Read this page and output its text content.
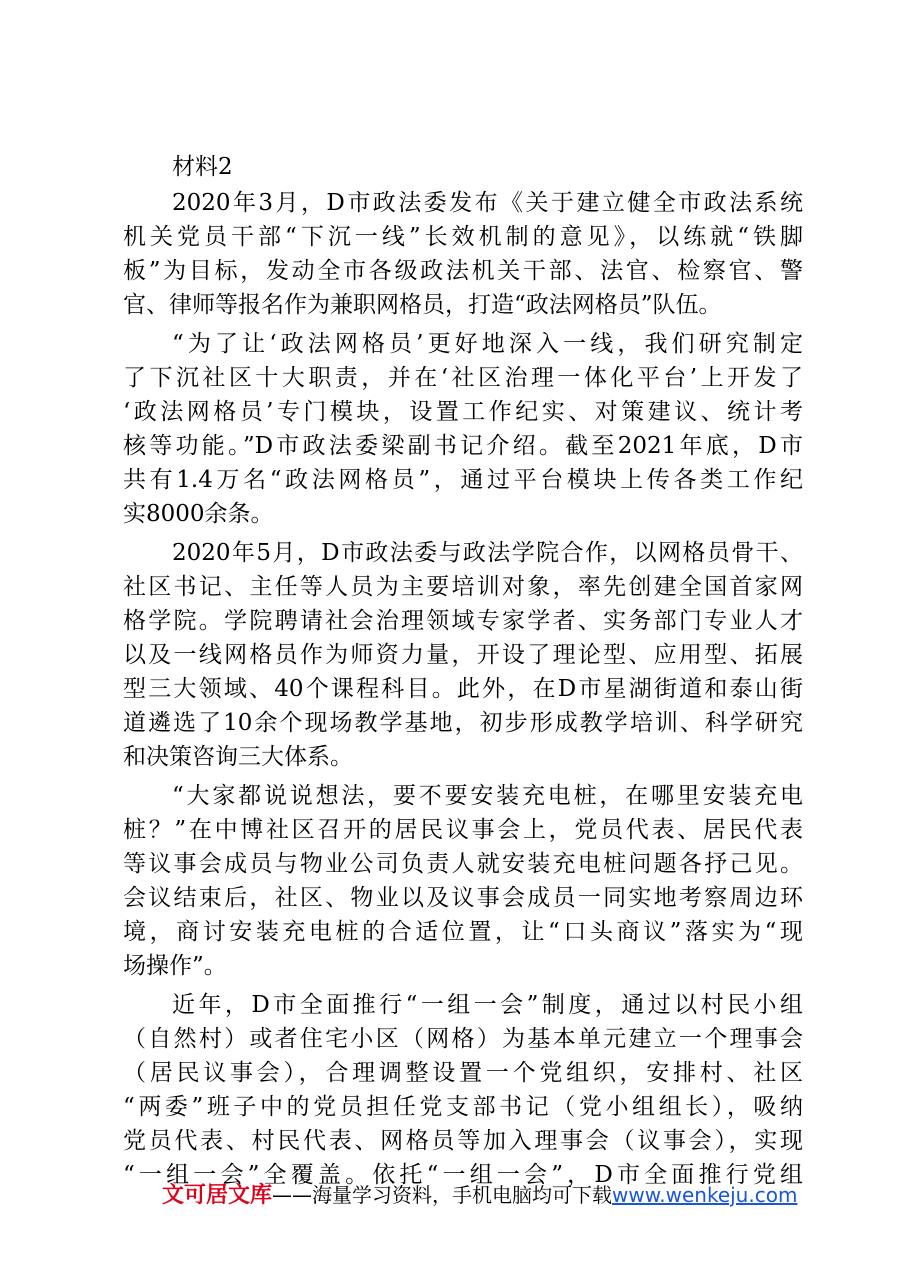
材料2
2020年3月，D市政法委发布《关于建立健全市政法系统
机关党员干部“下沉一线”长效机制的意见》，以练就“铁脚
板”为目标，发动全市各级政法机关干部、法官、检察官、警
官、律师等报名作为兼职网格员，打造“政法网格员”队伍。
“为了让‘政法网格员’更好地深入一线，我们研究制定
了下沉社区十大职责，并在‘社区治理一体化平台’上开发了
‘政法网格员’专门模块，设置工作纪实、对策建议、统计考
核等功能。”D市政法委梁副书记介绍。截至2021年底，D市
共有1.4万名“政法网格员”，通过平台模块上传各类工作纪
实8000余条。
2020年5月，D市政法委与政法学院合作，以网格员骨干、
社区书记、主任等人员为主要培训对象，率先创建全国首家网
格学院。学院聘请社会治理领域专家学者、实务部门专业人才
以及一线网格员作为师资力量，开设了理论型、应用型、拓展
型三大领域、40个课程科目。此外，在D市星湖街道和泰山街
道遴选了10余个现场教学基地，初步形成教学培训、科学研究
和决策咨询三大体系。
“大家都说说想法，要不要安装充电桩，在哪里安装充电
桩？”在中博社区召开的居民议事会上，党员代表、居民代表
等议事会成员与物业公司负责人就安装充电桩问题各抒己见。
会议结束后，社区、物业以及议事会成员一同实地考察周边环
境，商讨安装充电桩的合适位置，让“口头商议”落实为“现
场操作”。
近年，D市全面推行“一组一会”制度，通过以村民小组
（自然村）或者住宅小区（网格）为基本单元建立一个理事会
（居民议事会），合理调整设置一个党组织，安排村、社区
“两委”班子中的党员担任党支部书记（党小组组长），吸纳
党员代表、村民代表、网格员等加入理事会（议事会），实现
“一组一会”全覆盖。依托“一组一会”，D市全面推行党组
文可居文库——海量学习资料，手机电脑均可下载www.wenkeju.com
